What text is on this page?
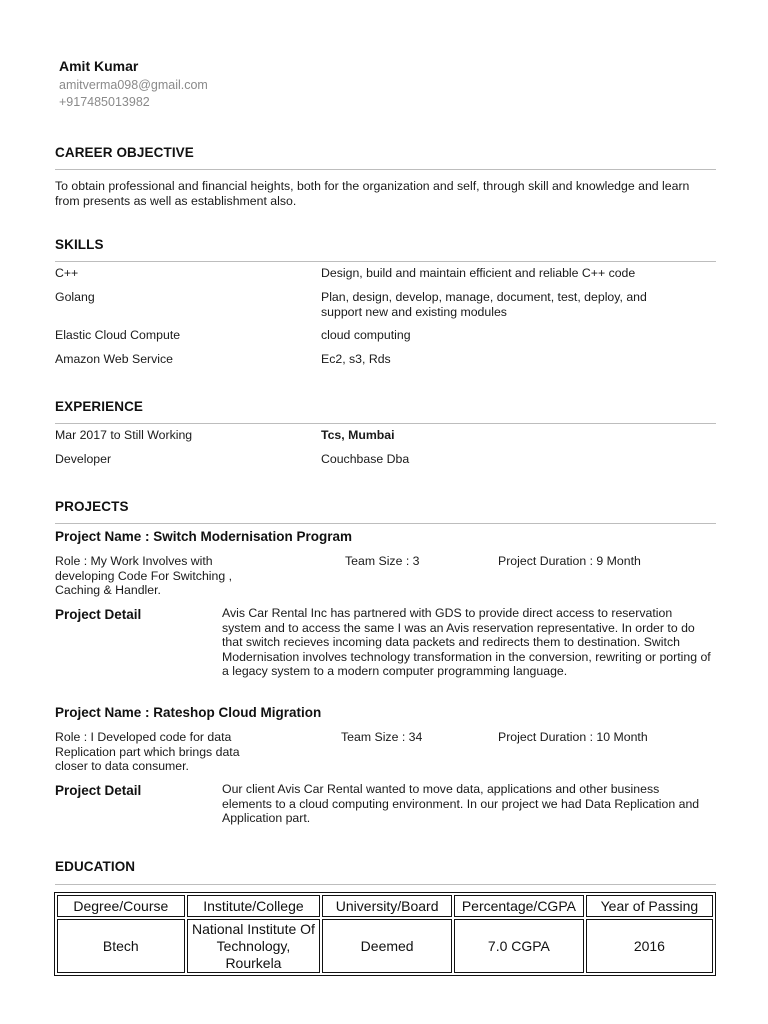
Amit Kumar
amitverma098@gmail.com
+917485013982
CAREER OBJECTIVE
To obtain professional and financial heights, both for the organization and self, through skill and knowledge and learn from presents as well as establishment also.
SKILLS
C++	Design, build and maintain efficient and reliable C++ code
Golang	Plan, design, develop, manage, document, test, deploy, and support new and existing modules
Elastic Cloud Compute	cloud computing
Amazon Web Service	Ec2, s3, Rds
EXPERIENCE
Mar 2017 to Still Working	Tcs, Mumbai
Developer	Couchbase Dba
PROJECTS
Project Name : Switch Modernisation Program
Role : My Work Involves with developing Code For Switching , Caching & Handler.
Team Size : 3	Project Duration : 9 Month
Project Detail	Avis Car Rental Inc has partnered with GDS to provide direct access to reservation system and to access the same I was an Avis reservation representative. In order to do that switch recieves incoming data packets and redirects them to destination. Switch Modernisation involves technology transformation in the conversion, rewriting or porting of a legacy system to a modern computer programming language.
Project Name : Rateshop Cloud Migration
Role : I Developed code for data Replication part which brings data closer to data consumer.
Team Size : 34	Project Duration : 10 Month
Project Detail	Our client Avis Car Rental wanted to move data, applications and other business elements to a cloud computing environment. In our project we had Data Replication and Application part.
EDUCATION
Degree/Course	Institute/College	University/Board	Percentage/CGPA	Year of Passing
Btech	National Institute Of Technology, Rourkela	Deemed	7.0 CGPA	2016
